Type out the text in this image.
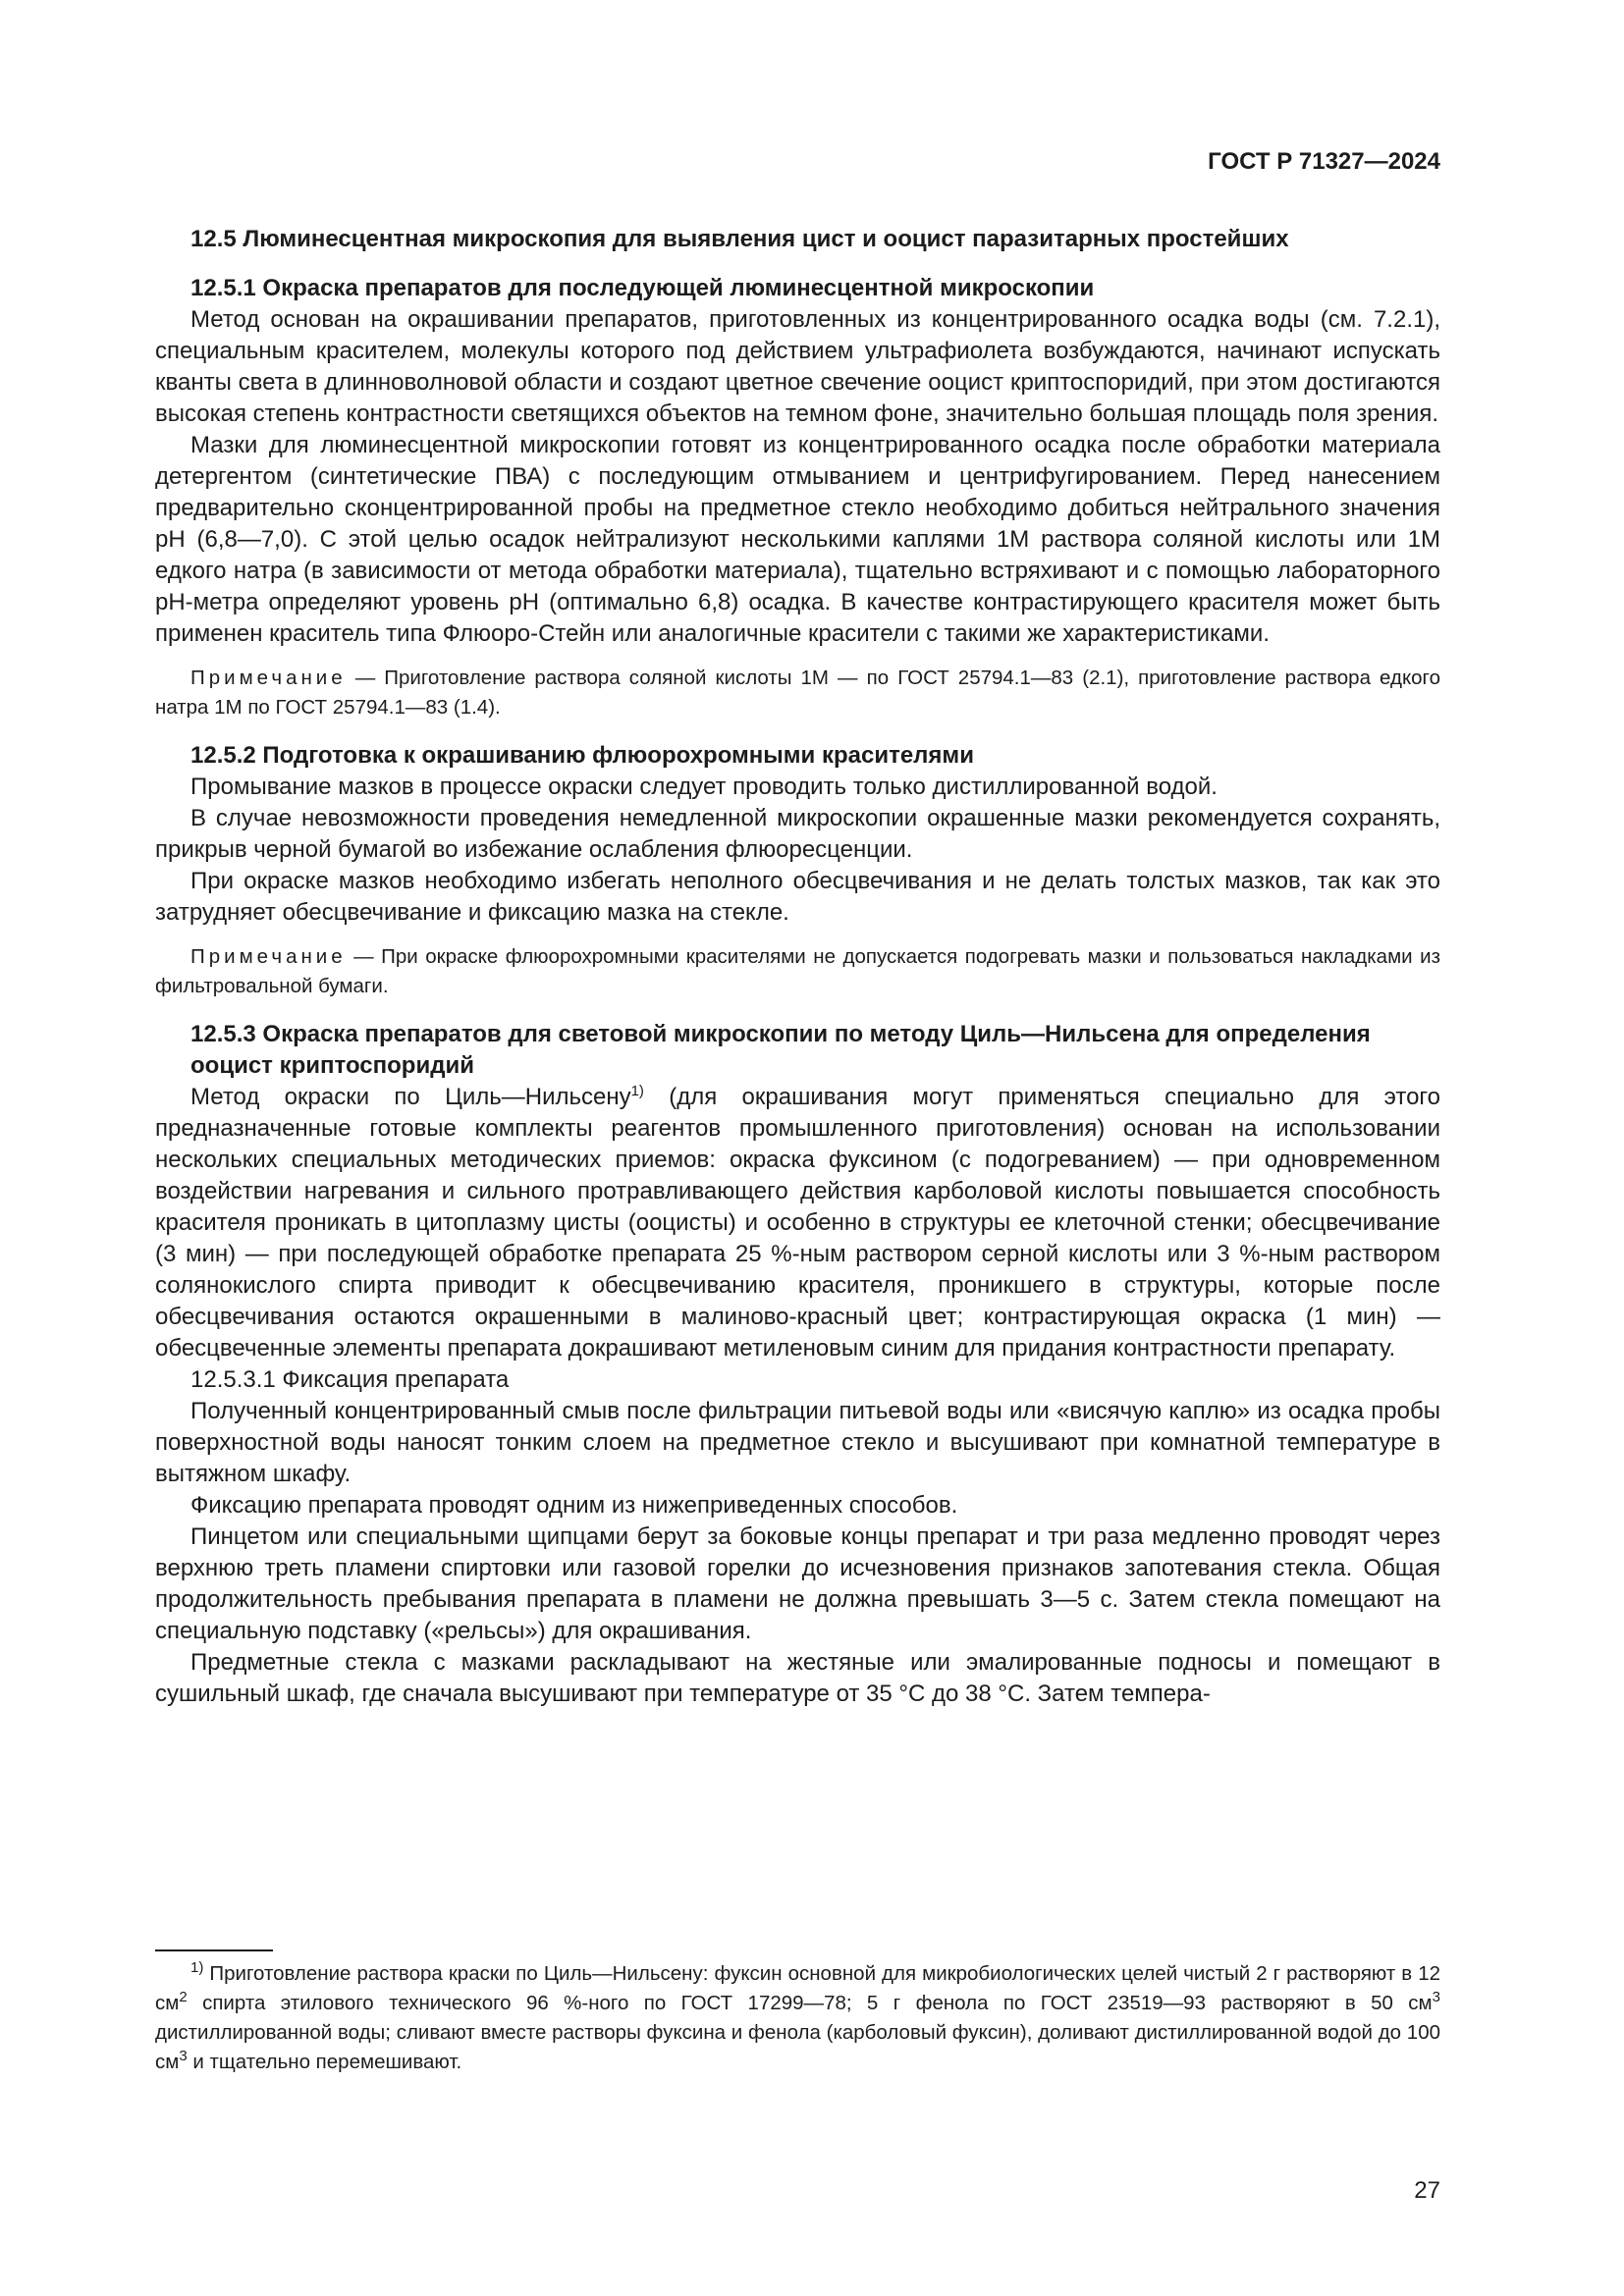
ГОСТ Р 71327—2024
12.5 Люминесцентная микроскопия для выявления цист и ооцист паразитарных простейших
12.5.1 Окраска препаратов для последующей люминесцентной микроскопии

Метод основан на окрашивании препаратов, приготовленных из концентрированного осадка воды (см. 7.2.1), специальным красителем, молекулы которого под действием ультрафиолета возбуждаются, начинают испускать кванты света в длинноволновой области и создают цветное свечение ооцист криптоспоридий, при этом достигаются высокая степень контрастности светящихся объектов на темном фоне, значительно большая площадь поля зрения.

Мазки для люминесцентной микроскопии готовят из концентрированного осадка после обработки материала детергентом (синтетические ПВА) с последующим отмыванием и центрифугированием. Перед нанесением предварительно сконцентрированной пробы на предметное стекло необходимо добиться нейтрального значения pH (6,8—7,0). С этой целью осадок нейтрализуют несколькими каплями 1M раствора соляной кислоты или 1M едкого натра (в зависимости от метода обработки материала), тщательно встряхивают и с помощью лабораторного pH-метра определяют уровень pH (оптимально 6,8) осадка. В качестве контрастирующего красителя может быть применен краситель типа Флюоро-Стейн или аналогичные красители с такими же характеристиками.

Примечание — Приготовление раствора соляной кислоты 1M — по ГОСТ 25794.1—83 (2.1), приготовление раствора едкого натра 1M по ГОСТ 25794.1—83 (1.4).

12.5.2 Подготовка к окрашиванию флюорохромными красителями

Промывание мазков в процессе окраски следует проводить только дистиллированной водой.

В случае невозможности проведения немедленной микроскопии окрашенные мазки рекомендуется сохранять, прикрыв черной бумагой во избежание ослабления флюоресценции.

При окраске мазков необходимо избегать неполного обесцвечивания и не делать толстых мазков, так как это затрудняет обесцвечивание и фиксацию мазка на стекле.

Примечание — При окраске флюорохромными красителями не допускается подогревать мазки и пользоваться накладками из фильтровальной бумаги.

12.5.3 Окраска препаратов для световой микроскопии по методу Циль—Нильсена для определения ооцист криптоспоридий

Метод окраски по Циль—Нильсену$^{1)}$ (для окрашивания могут применяться специально для этого предназначенные готовые комплекты реагентов промышленного приготовления) основан на использовании нескольких специальных методических приемов: окраска фуксином (с подогреванием) — при одновременном воздействии нагревания и сильного протравливающего действия карболовой кислоты повышается способность красителя проникать в цитоплазму цисты (ооцисты) и особенно в структуры ее клеточной стенки; обесцвечивание (3 мин) — при последующей обработке препарата 25 %-ным раствором серной кислоты или 3 %-ным раствором солянокислого спирта приводит к обесцвечиванию красителя, проникшего в структуры, которые после обесцвечивания остаются окрашенными в малиново-красный цвет; контрастирующая окраска (1 мин) — обесцвеченные элементы препарата докрашивают метиленовым синим для придания контрастности препарату.

12.5.3.1 Фиксация препарата

Полученный концентрированный смыв после фильтрации питьевой воды или «висячую каплю» из осадка пробы поверхностной воды наносят тонким слоем на предметное стекло и высушивают при комнатной температуре в вытяжном шкафу.

Фиксацию препарата проводят одним из нижеприведенных способов.

Пинцетом или специальными щипцами берут за боковые концы препарат и три раза медленно проводят через верхнюю треть пламени спиртовки или газовой горелки до исчезновения признаков запотевания стекла. Общая продолжительность пребывания препарата в пламени не должна превышать 3—5 с. Затем стекла помещают на специальную подставку («рельсы») для окрашивания.

Предметные стекла с мазками раскладывают на жестяные или эмалированные подносы и помещают в сушильный шкаф, где сначала высушивают при температуре от 35 °С до 38 °С. Затем темпера-

$^{1)}$ Приготовление раствора краски по Циль—Нильсену: фуксин основной для микробиологических целей чистый 2 г растворяют в 12 $см^2$ спирта этилового технического 96 %-ного по ГОСТ 17299—78; 5 г фенола по ГОСТ 23519—93 растворяют в 50 $см^3$ дистиллированной воды; сливают вместе растворы фуксина и фенола (карболовый фуксин), доливают дистиллированной водой до 100 $см^3$ и тщательно перемешивают.

27
